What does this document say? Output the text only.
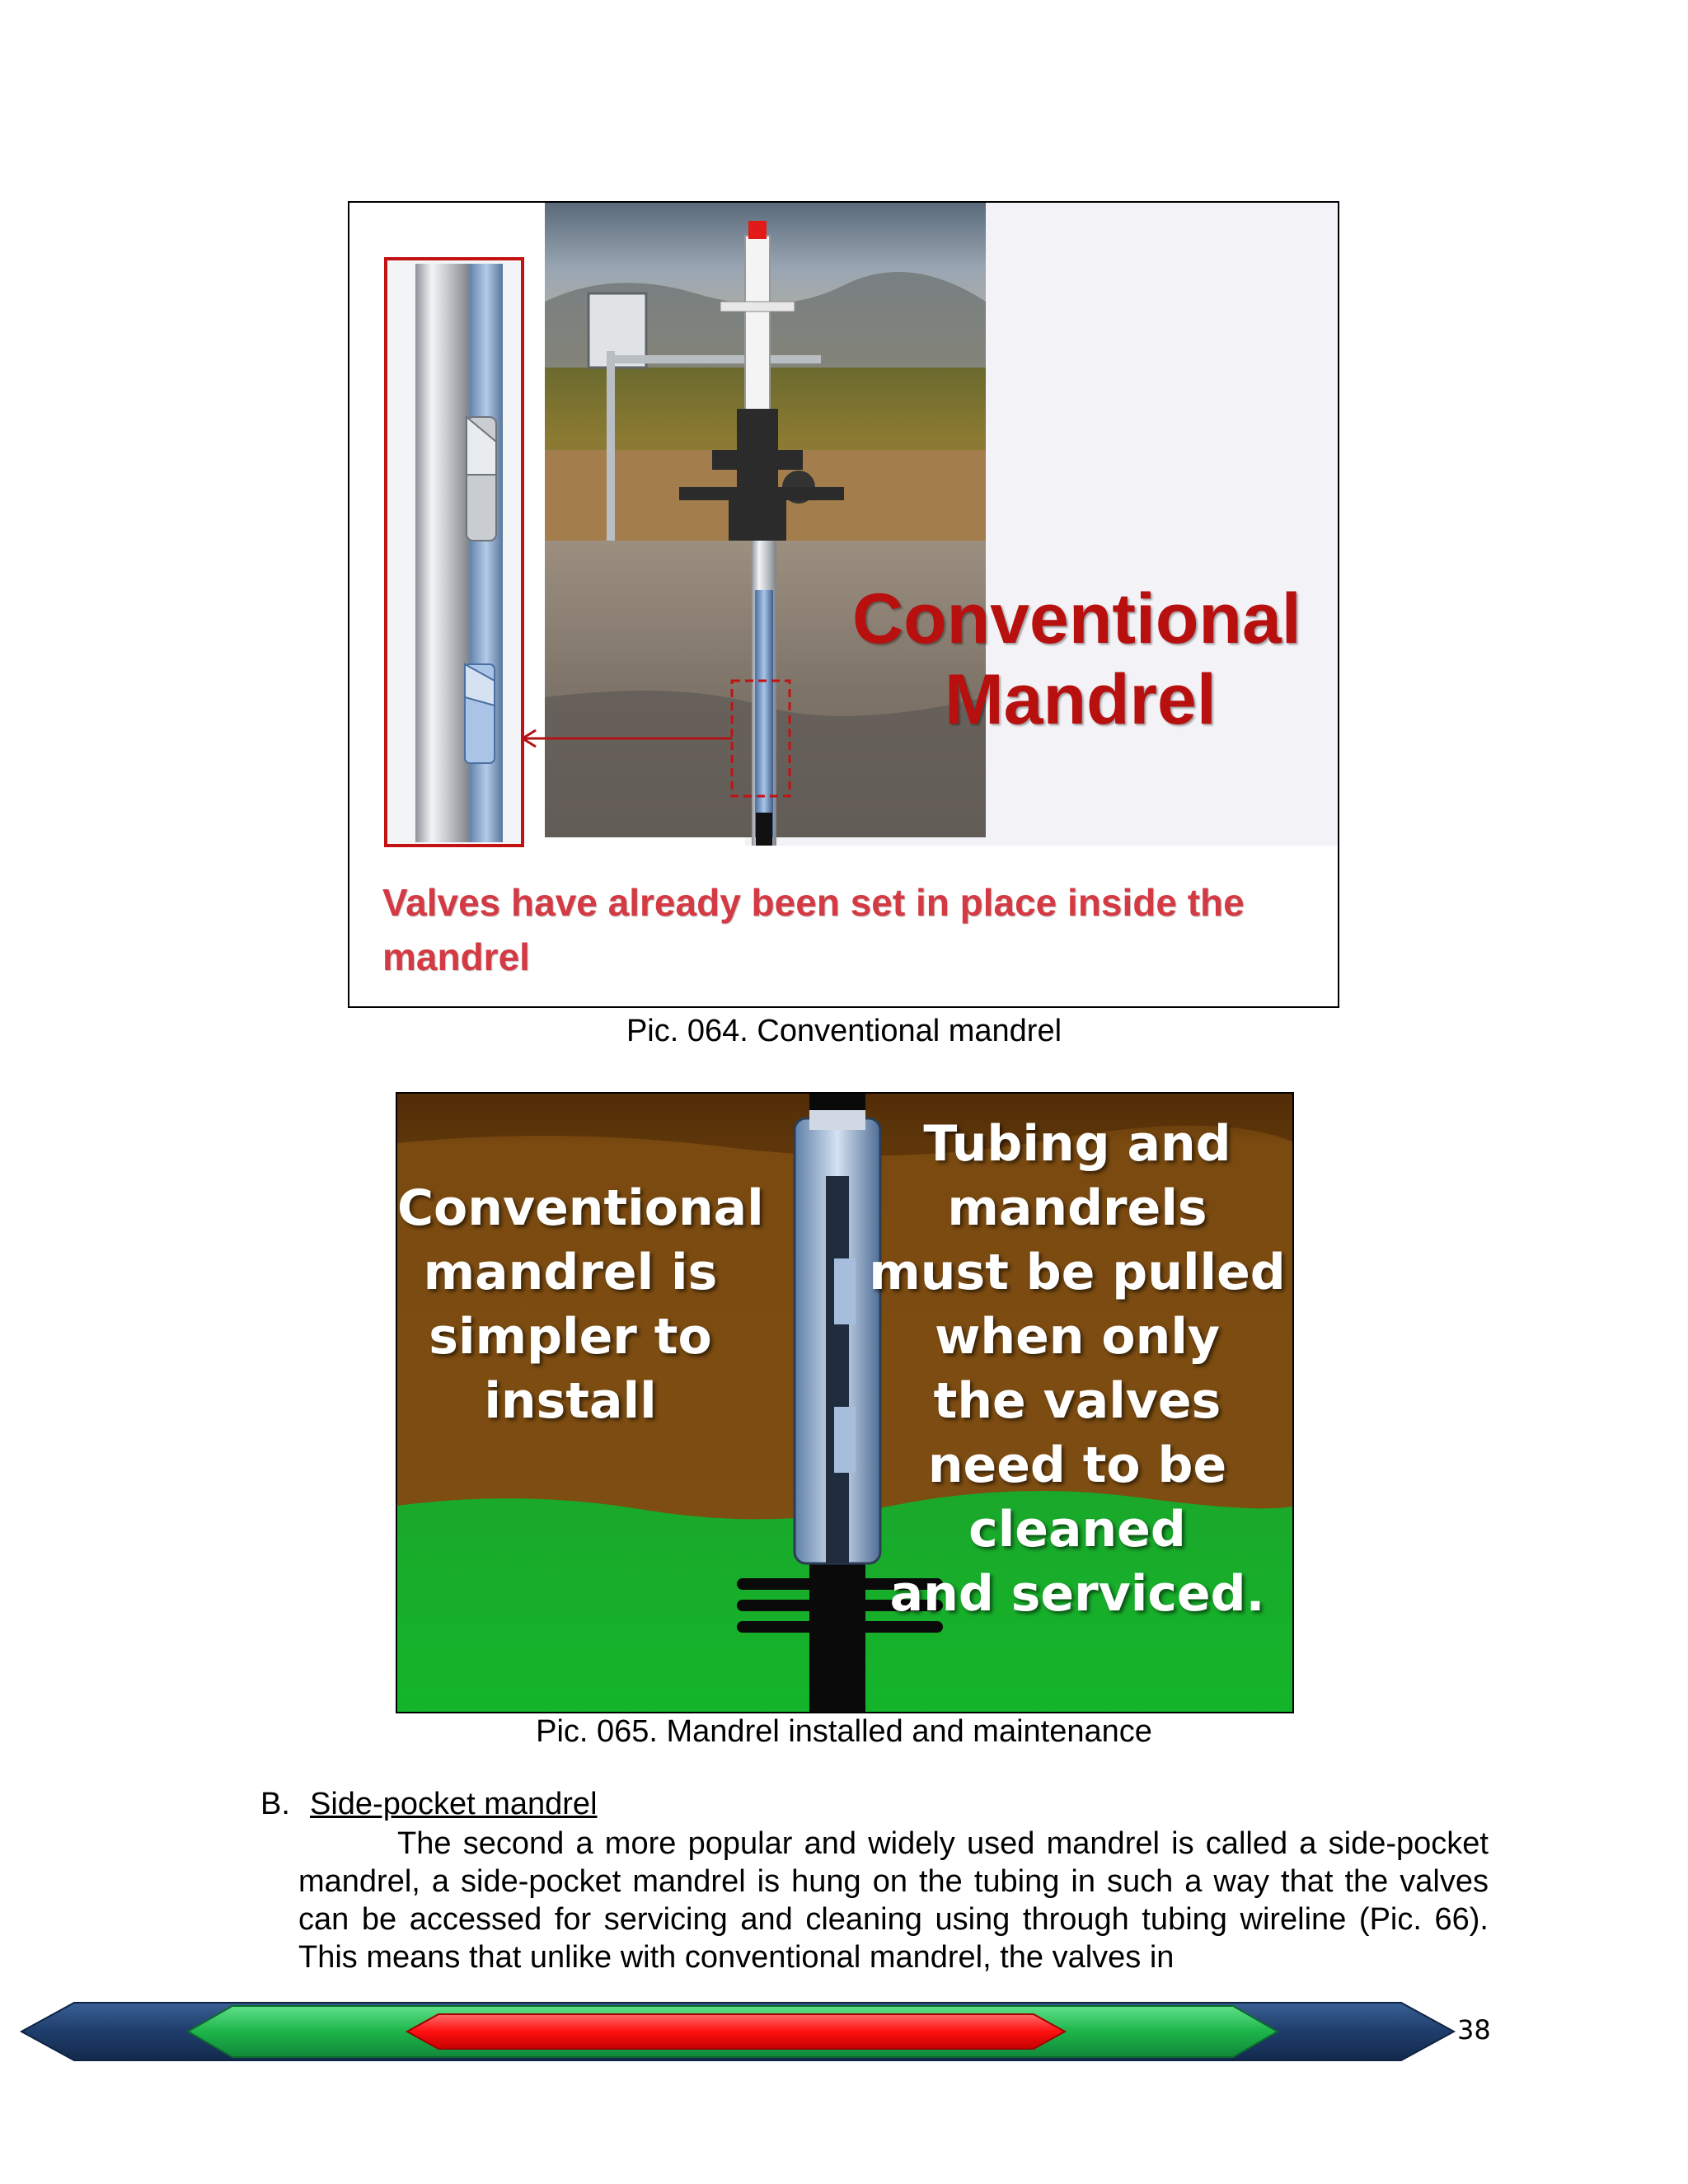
Conventional
Mandrel
Valves have already been set in place inside the mandrel
Pic. 064. Conventional mandrel
Conventional
mandrel is
simpler to
install
Tubing and
mandrels
must be pulled
when only
the valves
need to be
cleaned
and serviced.
Pic. 065. Mandrel installed and maintenance
B. Side-pocket mandrel
The second a more popular and widely used mandrel is called a side-pocket mandrel, a side-pocket mandrel is hung on the tubing in such a way that the valves can be accessed for servicing and cleaning using through tubing wireline (Pic. 66). This means that unlike with conventional mandrel, the valves in
38
